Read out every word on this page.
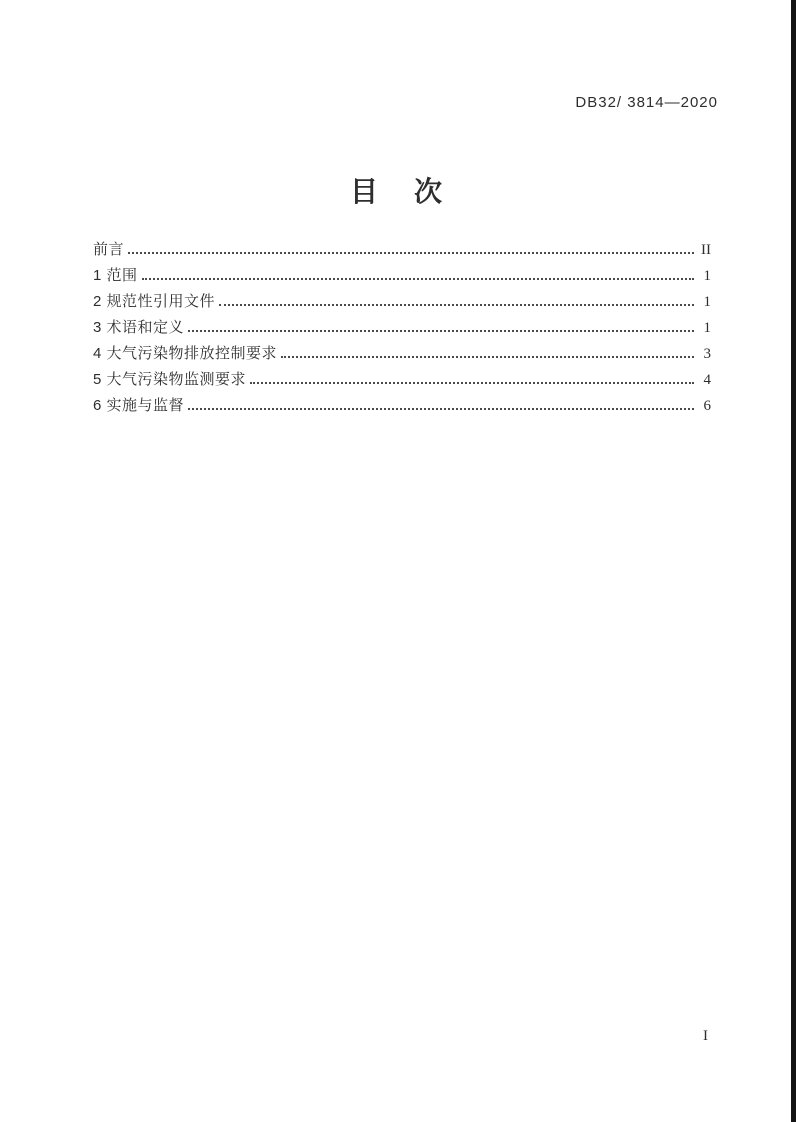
DB32/ 3814—2020
目　次
前言	II
1 范围	1
2 规范性引用文件	1
3 术语和定义	1
4 大气污染物排放控制要求	3
5 大气污染物监测要求	4
6 实施与监督	6
I
